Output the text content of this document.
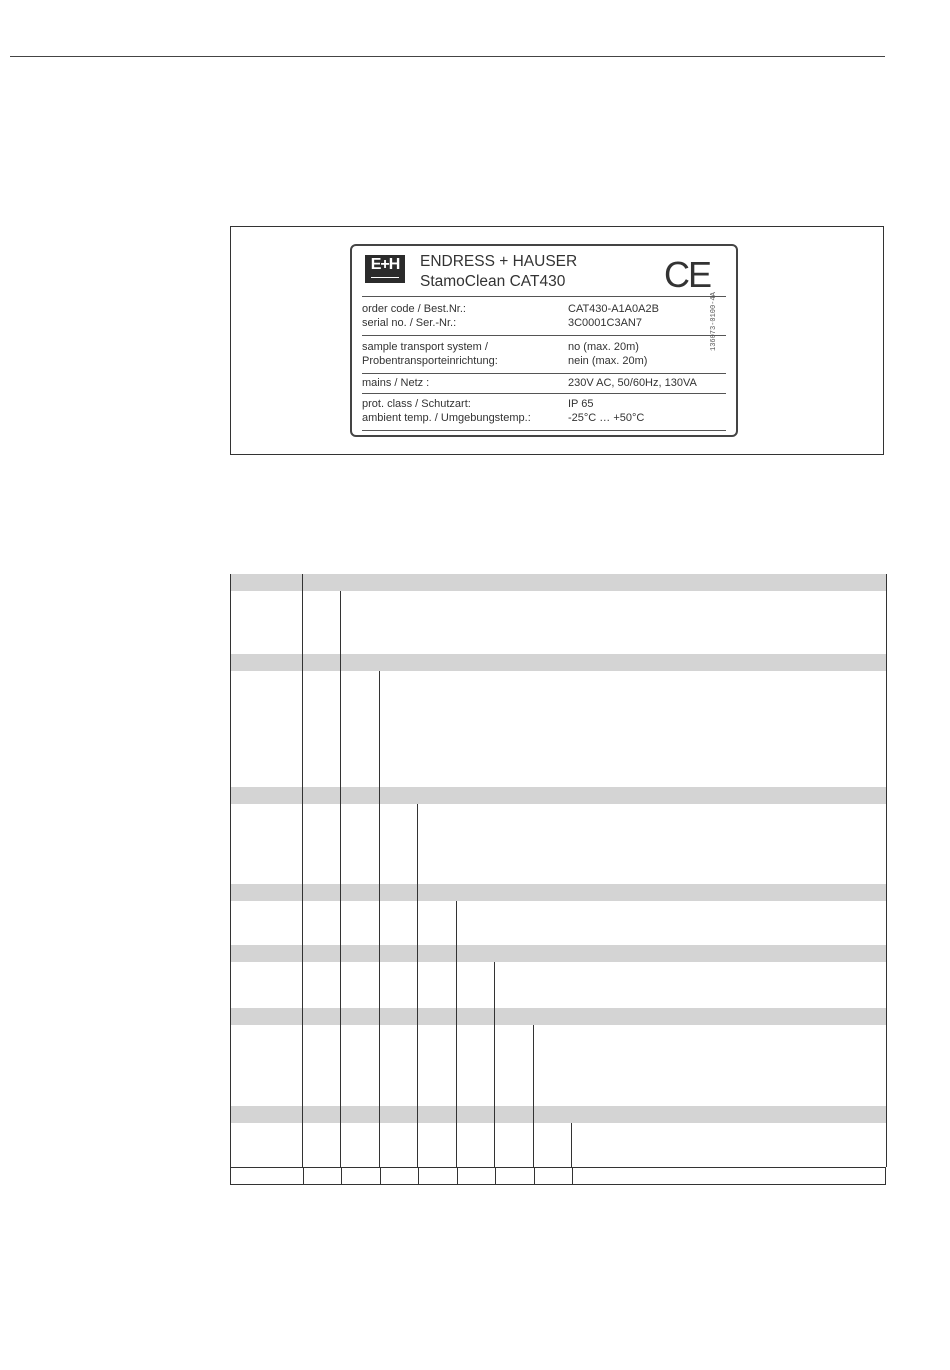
E+H ENDRESS + HAUSER
StamoClean CAT430	CE
order code / Best.Nr.:	CAT430-A1A0A2B
serial no. / Ser.-Nr.:	3C0001C3AN7
sample transport system /	no (max. 20m)
Probentransporteinrichtung:	nein (max. 20m)
mains / Netz :	230V AC, 50/60Hz, 130VA
prot. class / Schutzart:	IP 65
ambient temp. / Umgebungstemp.:	-25°C … +50°C
136073-0100-4A
